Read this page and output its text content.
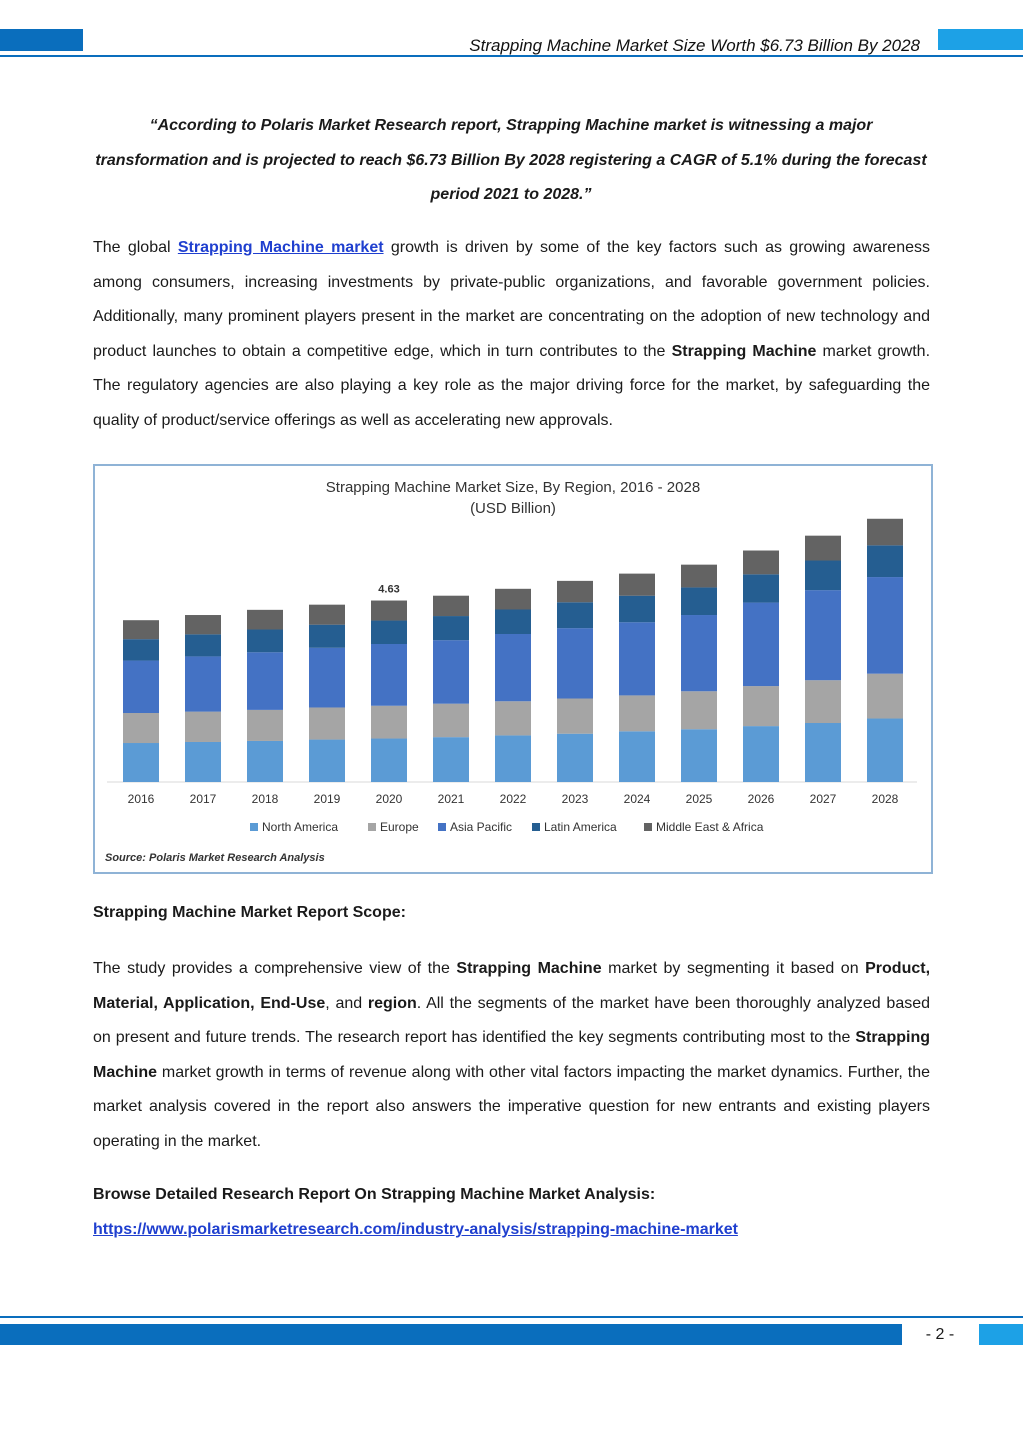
Strapping Machine Market Size Worth $6.73 Billion By 2028
“According to Polaris Market Research report, Strapping Machine market is witnessing a major transformation and is projected to reach $6.73 Billion By 2028 registering a CAGR of 5.1% during the forecast period 2021 to 2028.”
The global Strapping Machine market growth is driven by some of the key factors such as growing awareness among consumers, increasing investments by private-public organizations, and favorable government policies. Additionally, many prominent players present in the market are concentrating on the adoption of new technology and product launches to obtain a competitive edge, which in turn contributes to the Strapping Machine market growth. The regulatory agencies are also playing a key role as the major driving force for the market, by safeguarding the quality of product/service offerings as well as accelerating new approvals.
Strapping Machine Market Size, By Region, 2016 - 2028
(USD Billion)
2016	2017	2018	2019	2020
4.63
2021	2022	2023	2024	2025	2026	2027	2028
North America	Europe	Asia Pacific	Latin America	Middle East & Africa
Source: Polaris Market Research Analysis
Strapping Machine Market Report Scope:
The study provides a comprehensive view of the Strapping Machine market by segmenting it based on Product, Material, Application, End-Use, and region. All the segments of the market have been thoroughly analyzed based on present and future trends. The research report has identified the key segments contributing most to the Strapping Machine market growth in terms of revenue along with other vital factors impacting the market dynamics. Further, the market analysis covered in the report also answers the imperative question for new entrants and existing players operating in the market.
Browse Detailed Research Report On Strapping Machine Market Analysis:
https://www.polarismarketresearch.com/industry-analysis/strapping-machine-market
- 2 -
